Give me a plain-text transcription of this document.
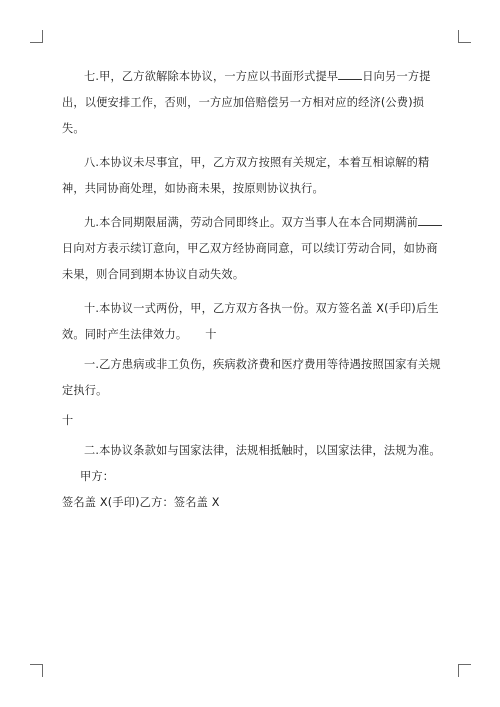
七.甲，乙方欲解除本协议，一方应以书面形式提早 日向另一方提出，以便安排工作，否则，一方应加倍赔偿另一方相对应的经济(公费)损失。

八.本协议未尽事宜，甲，乙方双方按照有关规定，本着互相谅解的精神，共同协商处理，如协商未果，按原则协议执行。

九.本合同期限届满，劳动合同即终止。双方当事人在本合同期满前日向对方表示续订意向，甲乙双方经协商同意，可以续订劳动合同，如协商未果，则合同到期本协议自动失效。

十.本协议一式两份，甲，乙方双方各执一份。双方签名盖 X(手印)后生效。同时产生法律效力。 十

一.乙方患病或非工负伤，疾病救济费和医疗费用等待遇按照国家有关规定执行。

十

二.本协议条款如与国家法律，法规相抵触时，以国家法律，法规为准。甲方：

签名盖 X(手印)乙方：签名盖 X
